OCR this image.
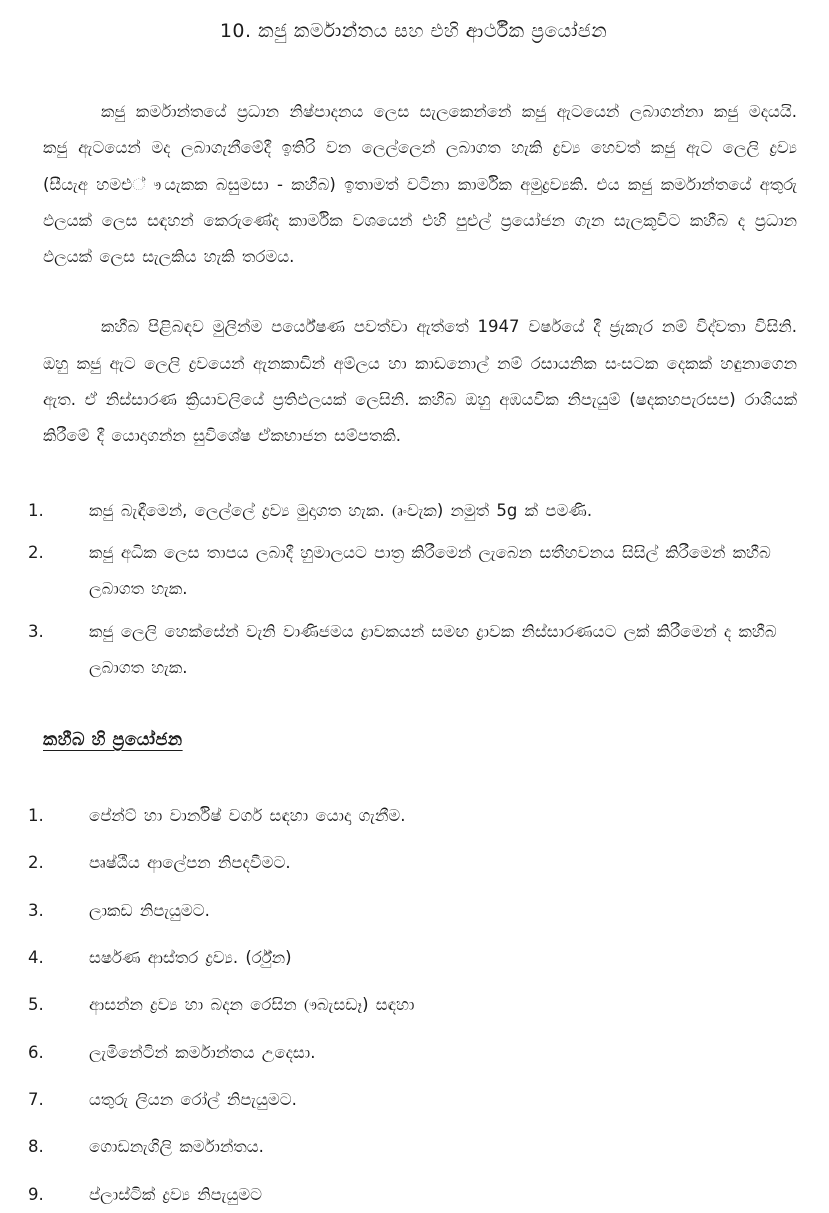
10. කජු කර්මාන්තය සහ එහි ආර්ථීක ප්‍රයෝජන

කජු කර්මාන්තයේ ප්‍රධාන නිෂ්පාදනය ලෙස සැලකෙන්නේ කජු ඇටයෙන් ලබාගන්නා කජු මදයයි. කජු ඇටයෙන් මද ලබාගැනීමේදී ඉතිරි වන ලෙල්ලෙන් ලබාගත හැකි ද්‍රව්‍ය හෙවත් කජු ඇට ලෙලි ද්‍රව්‍ය (සීයැඅ හමඑ් ෟයැකක බසුමසා - කහීබ) ඉතාමත් වටිනා කාර්මික අමුද්‍රව්‍යකි. එය කජු කර්මාන්තයේ අතුරු ඵලයක් ලෙස සඳහන් කෙරුණේද කාර්මික වශයෙන් එහි පුළුල් ප්‍රයෝජන ගැන සැලකූවිට කහීබ ද ප්‍රධාන ඵලයක් ලෙස සැලකිය හැකි තරමය.

කහීබ පිළිබඳව මුලින්ම පර්යේෂණ පවත්වා ඇත්තේ 1947 වර්ෂයේ දී ජ්‍රැකැර නම් විද්වතා විසිනි. ඔහු කජු ඇට ලෙලි ද්‍රවයෙන් ඇනකාඩින් අම්ලය හා කාඩනොල් නම් රසායනික සංසටක දෙකක් හඳුනාගෙන ඇත. ඒ නිස්සාරණ ක්‍රියාවලියේ ප්‍රතිඵලයක් ලෙසිනි. කහීබ ඔහු අඹයවික නිපැයුම් (ෂදකහපැරසප) රාශියක් කිරීමේ දී යොදාගන්න සුවිශේෂ ඒකභාජන සම්පතකි.

1.	කජු බැඳීමෙන්, ලෙල්ලේ ද්‍රව්‍ය මුදාගත හැක. (ෘංවැක) නමුත් 5g ක් පමණි.
2.	කජු අධික ලෙස තාපය ලබාදී හුමාලයට පාත්‍ර කිරීමෙන් ලැබෙන සතීහවනය සිසිල් කිරීමෙන් කහීබ ලබාගත හැක.
3.	කජු ලෙලි හෙක්සේන් වැනි වාණිජමය ද්‍රාවකයන් සමඟ ද්‍රාවක නිස්සාරණයට ලක් කිරීමෙන් ද කහීබ ලබාගත හැක.
කහීබ හි ප්‍රයෝජන
1.	පේන්ට් හා වාර්නිෂ් වර්ග සඳහා යොදා ගැනීම.
2.	පෘෂ්ඨීය ආලේපන නිපදවීමට.
3.	ලාකඩ නිපැයුමට.
4.	සර්ෂණ ආස්තර ද්‍රව්‍ය. (ර්රු්න)
5.	ආසන්න ද්‍රව්‍ය හා බදන රෙසින (ෟබැසඩෑ) සඳහා
6.	ලැමිනේටින් කර්මාන්තය උදෙසා.
7.	යතුරු ලියන රෝල් නිපැයුමට.
8.	ගොඩනැගිලි කර්මාන්තය.
9.	ප්ලාස්ටික් ද්‍රව්‍ය නිපැයුමට
